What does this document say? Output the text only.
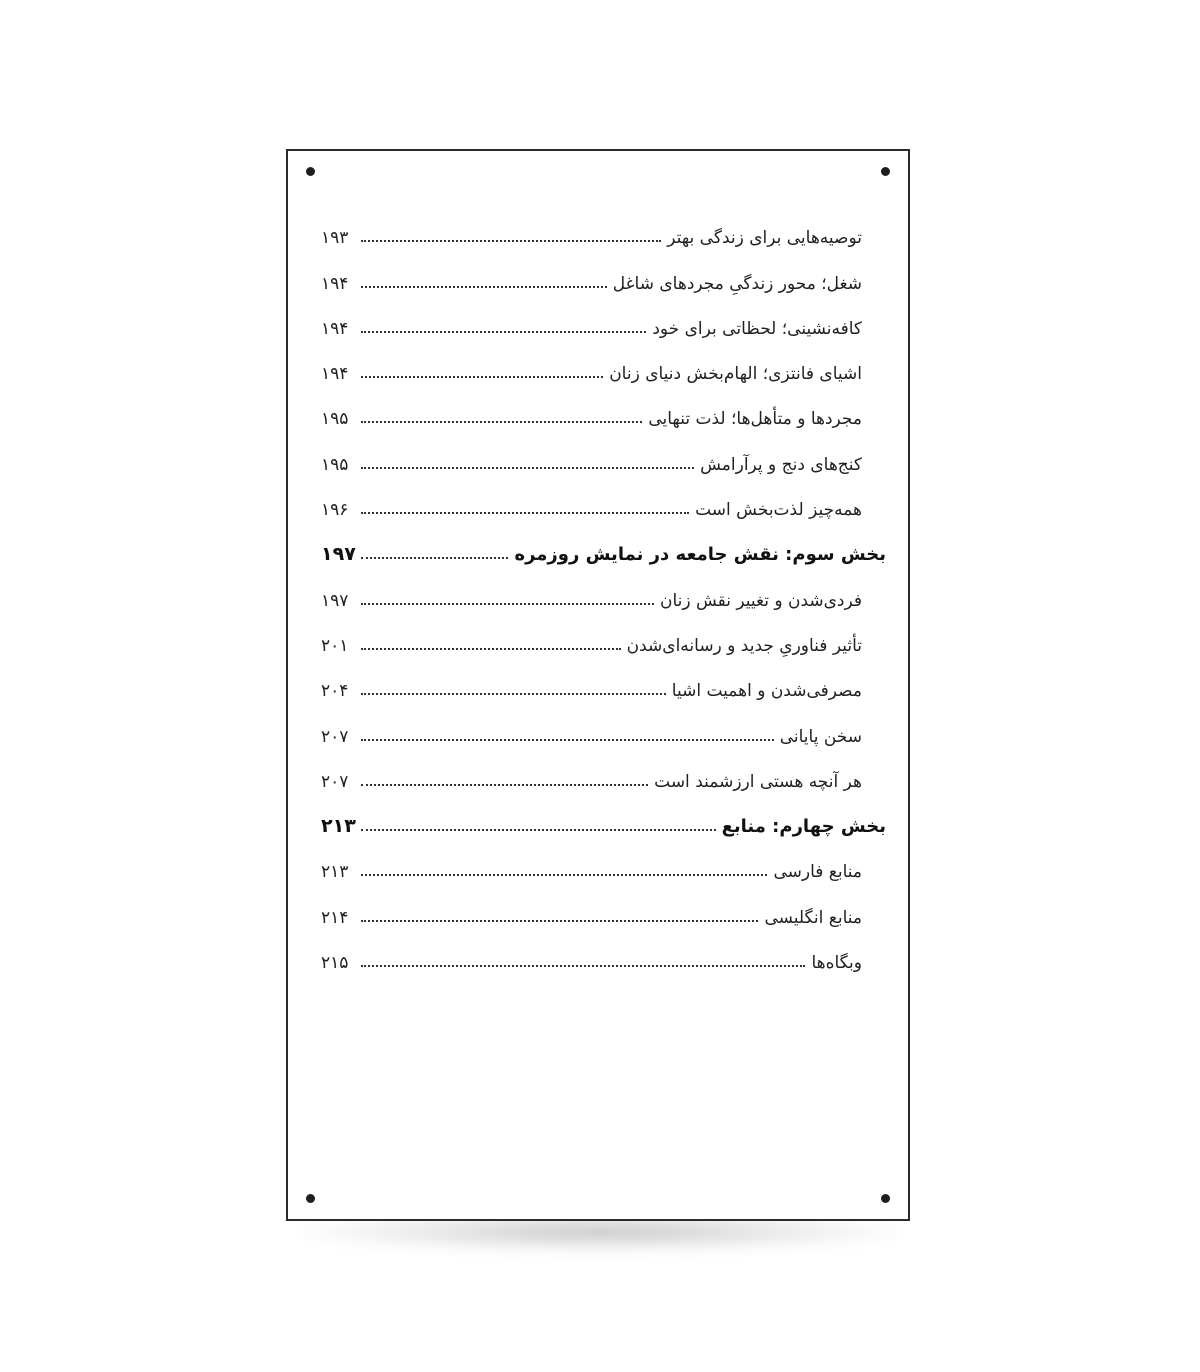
توصیه‌هایی برای زندگی بهتر
۱۹۳
شغل؛ محور زندگیِ مجردهای شاغل
۱۹۴
کافه‌نشینی؛ لحظاتی برای خود
۱۹۴
اشیای فانتزی؛ الهام‌بخش دنیای زنان
۱۹۴
مجردها و متأهل‌ها؛ لذت تنهایی
۱۹۵
کنج‌های دنج و پرآرامش
۱۹۵
همه‌چیز لذت‌بخش است
۱۹۶
بخش سوم: نقش جامعه در نمایش روزمره
۱۹۷
فردی‌شدن و تغییر نقش زنان
۱۹۷
تأثیر فناوریِ جدید و رسانه‌ای‌شدن
۲۰۱
مصرفی‌شدن و اهمیت اشیا
۲۰۴
سخن پایانی
۲۰۷
هر آنچه هستی ارزشمند است
۲۰۷
بخش چهارم: منابع
۲۱۳
منابع فارسی
۲۱۳
منابع انگلیسی
۲۱۴
وبگاه‌ها
۲۱۵
